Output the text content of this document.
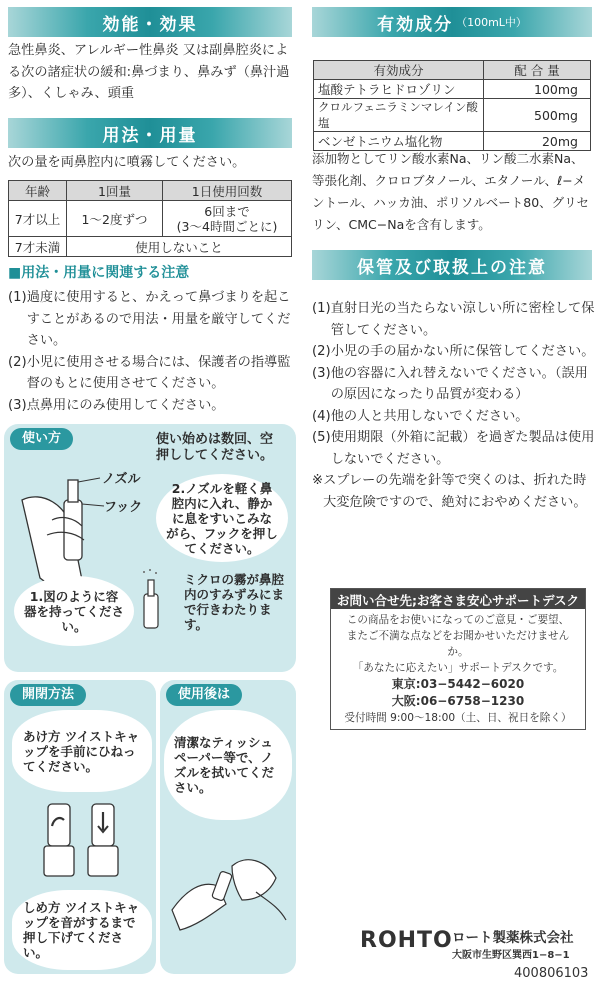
効能・効果
急性鼻炎、アレルギー性鼻炎 又は副鼻腔炎による次の諸症状の緩和:鼻づまり、鼻みず（鼻汁過多）、くしゃみ、頭重
用法・用量
次の量を両鼻腔内に噴霧してください。
年齢	1回量	1日使用回数
7才以上	1〜2度ずつ	6回まで
(3〜4時間ごとに)

7才未満	使用しないこと	
■用法・用量に関連する注意
(1) 過度に使用すると、かえって鼻づまりを起こすことがあるので用法・用量を厳守してください。
(2) 小児に使用させる場合には、保護者の指導監督のもとに使用させてください。
(3) 点鼻用にのみ使用してください。
使い方	使い始めは数回、空押ししてください。
ノズル
フック
2.ノズルを軽く鼻腔内に入れ、静かに息をすいこみながら、フックを押してください。
ミクロの霧が鼻腔内のすみずみにまで行きわたります。
1.図のように容器を持ってください。
開閉方法
あけ方 ツイストキャップを手前にひねってください。
しめ方 ツイストキャップを音がするまで押し下げてください。
使用後は
清潔なティッシュペーパー等で、ノズルを拭いてください。
有効成分 （100mL中）
有効成分	配 合 量
塩酸テトラヒドロゾリン	100mg
クロルフェニラミンマレイン酸塩	500mg
ベンゼトニウム塩化物	20mg
添加物としてリン酸水素Na、リン酸二水素Na、等張化剤、クロロブタノール、エタノール、ℓ−メントール、ハッカ油、ポリソルベート80、グリセリン、CMC−Naを含有します。
保管及び取扱上の注意
(1) 直射日光の当たらない涼しい所に密栓して保管してください。
(2) 小児の手の届かない所に保管してください。
(3) 他の容器に入れ替えないでください。（誤用の原因になったり品質が変わる）
(4) 他の人と共用しないでください。
(5) 使用期限（外箱に記載）を過ぎた製品は使用しないでください。
※ スプレーの先端を針等で突くのは、折れた時大変危険ですので、絶対におやめください。
お問い合せ先;お客さま安心サポートデスク
この商品をお使いになってのご意見・ご要望、
またご不満な点などをお聞かせいただけませんか。
「あなたに応えたい」サポートデスクです。
東京:03−5442−6020
大阪:06−6758−1230
受付時間 9:00〜18:00（土、日、祝日を除く）
ROHTO ロート製薬株式会社
大阪市生野区巽西1−8−1
400806103
